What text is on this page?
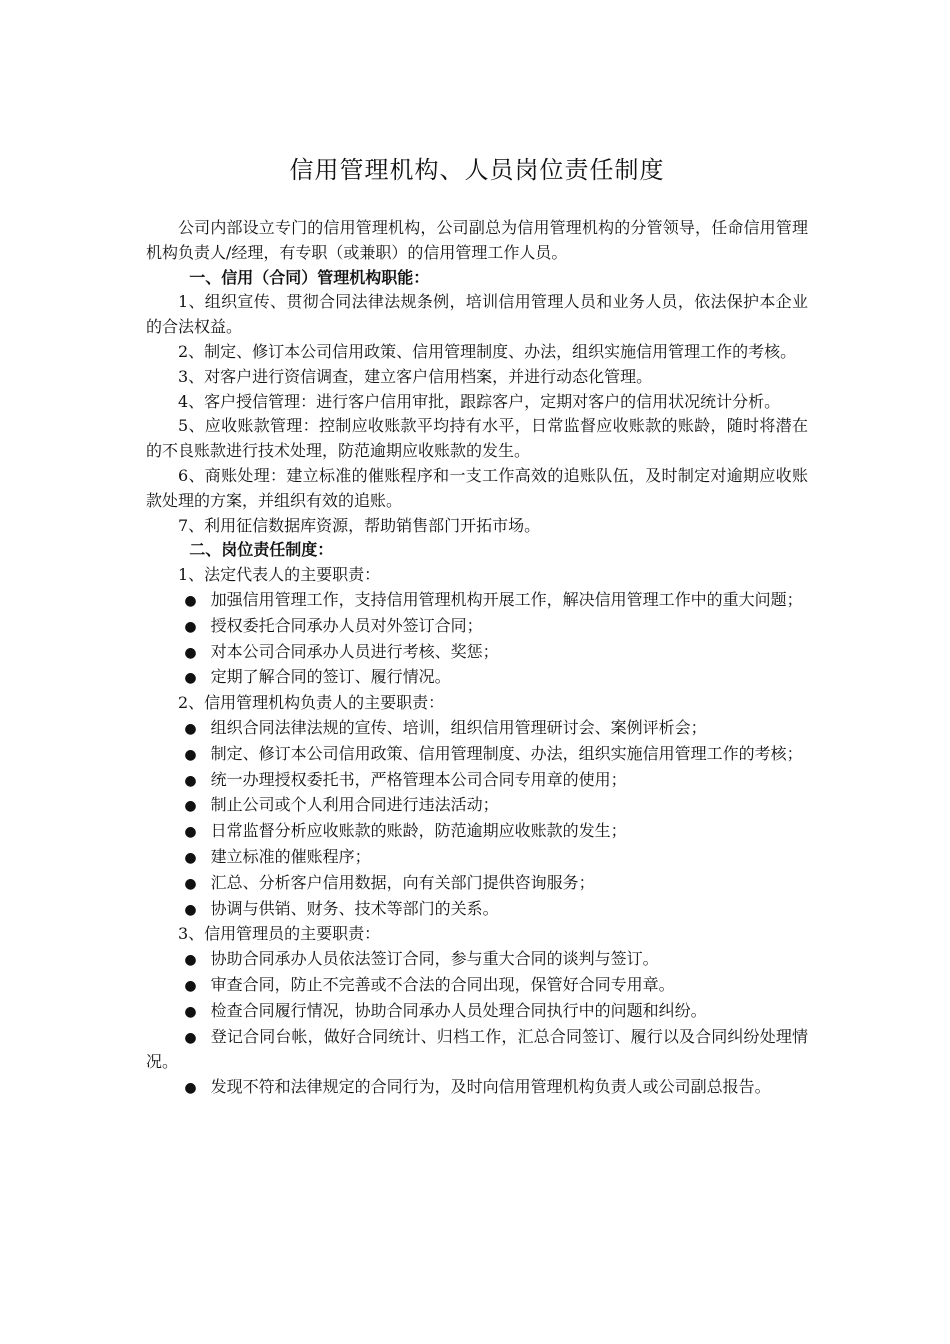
信用管理机构、人员岗位责任制度

公司内部设立专门的信用管理机构，公司副总为信用管理机构的分管领导，任命信用管理机构负责人/经理，有专职（或兼职）的信用管理工作人员。

一、信用（合同）管理机构职能：

1、组织宣传、贯彻合同法律法规条例，培训信用管理人员和业务人员，依法保护本企业的合法权益。

2、制定、修订本公司信用政策、信用管理制度、办法，组织实施信用管理工作的考核。

3、对客户进行资信调查，建立客户信用档案，并进行动态化管理。

4、客户授信管理：进行客户信用审批，跟踪客户，定期对客户的信用状况统计分析。

5、应收账款管理：控制应收账款平均持有水平，日常监督应收账款的账龄，随时将潜在的不良账款进行技术处理，防范逾期应收账款的发生。

6、商账处理：建立标准的催账程序和一支工作高效的追账队伍，及时制定对逾期应收账款处理的方案，并组织有效的追账。

7、利用征信数据库资源，帮助销售部门开拓市场。

二、岗位责任制度：

1、法定代表人的主要职责：

● 加强信用管理工作，支持信用管理机构开展工作，解决信用管理工作中的重大问题；

● 授权委托合同承办人员对外签订合同；

● 对本公司合同承办人员进行考核、奖惩；

● 定期了解合同的签订、履行情况。

2、信用管理机构负责人的主要职责：

● 组织合同法律法规的宣传、培训，组织信用管理研讨会、案例评析会；

● 制定、修订本公司信用政策、信用管理制度、办法，组织实施信用管理工作的考核；

● 统一办理授权委托书，严格管理本公司合同专用章的使用；

● 制止公司或个人利用合同进行违法活动；

● 日常监督分析应收账款的账龄，防范逾期应收账款的发生；

● 建立标准的催账程序；

● 汇总、分析客户信用数据，向有关部门提供咨询服务；

● 协调与供销、财务、技术等部门的关系。

3、信用管理员的主要职责：

● 协助合同承办人员依法签订合同，参与重大合同的谈判与签订。

● 审查合同，防止不完善或不合法的合同出现，保管好合同专用章。

● 检查合同履行情况，协助合同承办人员处理合同执行中的问题和纠纷。

● 登记合同台帐，做好合同统计、归档工作，汇总合同签订、履行以及合同纠纷处理情况。

● 发现不符和法律规定的合同行为，及时向信用管理机构负责人或公司副总报告。
